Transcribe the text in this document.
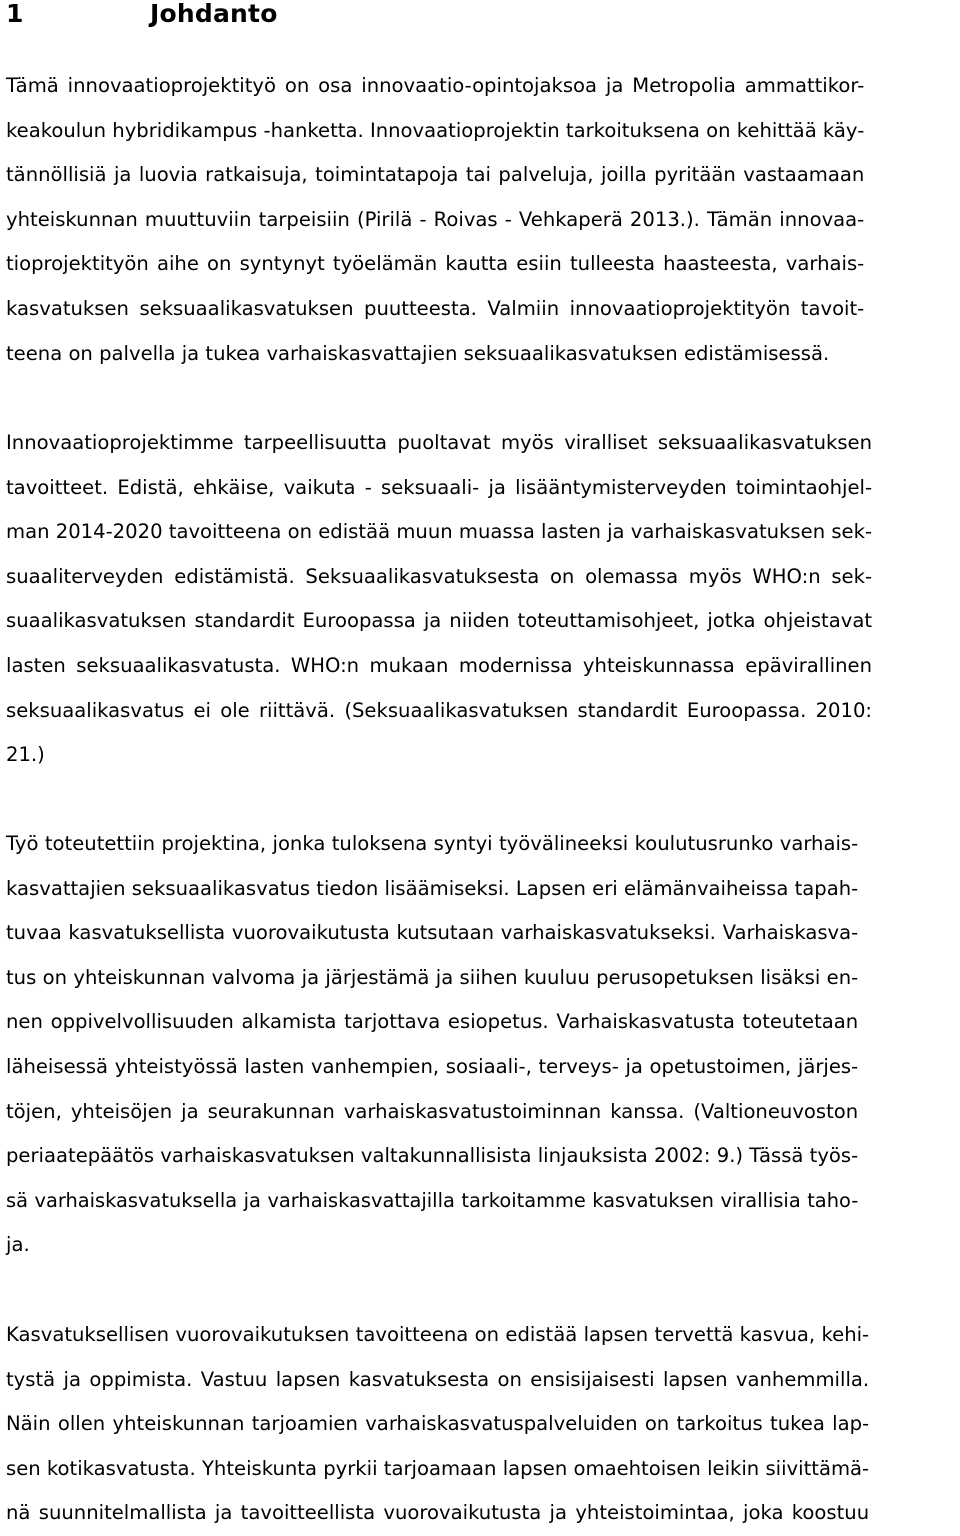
1	Johdanto
Tämä innovaatioprojektityö on osa innovaatio-opintojaksoa ja Metropolia ammattikor-
keakoulun hybridikampus -hanketta. Innovaatioprojektin tarkoituksena on kehittää käy-
tännöllisiä ja luovia ratkaisuja, toimintatapoja tai palveluja, joilla pyritään vastaamaan
yhteiskunnan muuttuviin tarpeisiin (Pirilä - Roivas - Vehkaperä 2013.). Tämän innovaa-
tioprojektityön aihe on syntynyt työelämän kautta esiin tulleesta haasteesta, varhais-
kasvatuksen seksuaalikasvatuksen puutteesta. Valmiin innovaatioprojektityön tavoit-
teena on palvella ja tukea varhaiskasvattajien seksuaalikasvatuksen edistämisessä.
Innovaatioprojektimme tarpeellisuutta puoltavat myös viralliset seksuaalikasvatuksen
tavoitteet. Edistä, ehkäise, vaikuta - seksuaali- ja lisääntymisterveyden toimintaohjel-
man 2014-2020 tavoitteena on edistää muun muassa lasten ja varhaiskasvatuksen sek-
suaaliterveyden edistämistä. Seksuaalikasvatuksesta on olemassa myös WHO:n sek-
suaalikasvatuksen standardit Euroopassa ja niiden toteuttamisohjeet, jotka ohjeistavat
lasten seksuaalikasvatusta. WHO:n mukaan modernissa yhteiskunnassa epävirallinen
seksuaalikasvatus ei ole riittävä. (Seksuaalikasvatuksen standardit Euroopassa. 2010:
21.)
Työ toteutettiin projektina, jonka tuloksena syntyi työvälineeksi koulutusrunko varhais-
kasvattajien seksuaalikasvatus tiedon lisäämiseksi. Lapsen eri elämänvaiheissa tapah-
tuvaa kasvatuksellista vuorovaikutusta kutsutaan varhaiskasvatukseksi. Varhaiskasva-
tus on yhteiskunnan valvoma ja järjestämä ja siihen kuuluu perusopetuksen lisäksi en-
nen oppivelvollisuuden alkamista tarjottava esiopetus. Varhaiskasvatusta toteutetaan
läheisessä yhteistyössä lasten vanhempien, sosiaali-, terveys- ja opetustoimen, järjes-
töjen, yhteisöjen ja seurakunnan varhaiskasvatustoiminnan kanssa. (Valtioneuvoston
periaatepäätös varhaiskasvatuksen valtakunnallisista linjauksista 2002: 9.) Tässä työs-
sä varhaiskasvatuksella ja varhaiskasvattajilla tarkoitamme kasvatuksen virallisia taho-
ja.
Kasvatuksellisen vuorovaikutuksen tavoitteena on edistää lapsen tervettä kasvua, kehi-
tystä ja oppimista. Vastuu lapsen kasvatuksesta on ensisijaisesti lapsen vanhemmilla.
Näin ollen yhteiskunnan tarjoamien varhaiskasvatuspalveluiden on tarkoitus tukea lap-
sen kotikasvatusta. Yhteiskunta pyrkii tarjoamaan lapsen omaehtoisen leikin siivittämä-
nä suunnitelmallista ja tavoitteellista vuorovaikutusta ja yhteistoimintaa, joka koostuu
